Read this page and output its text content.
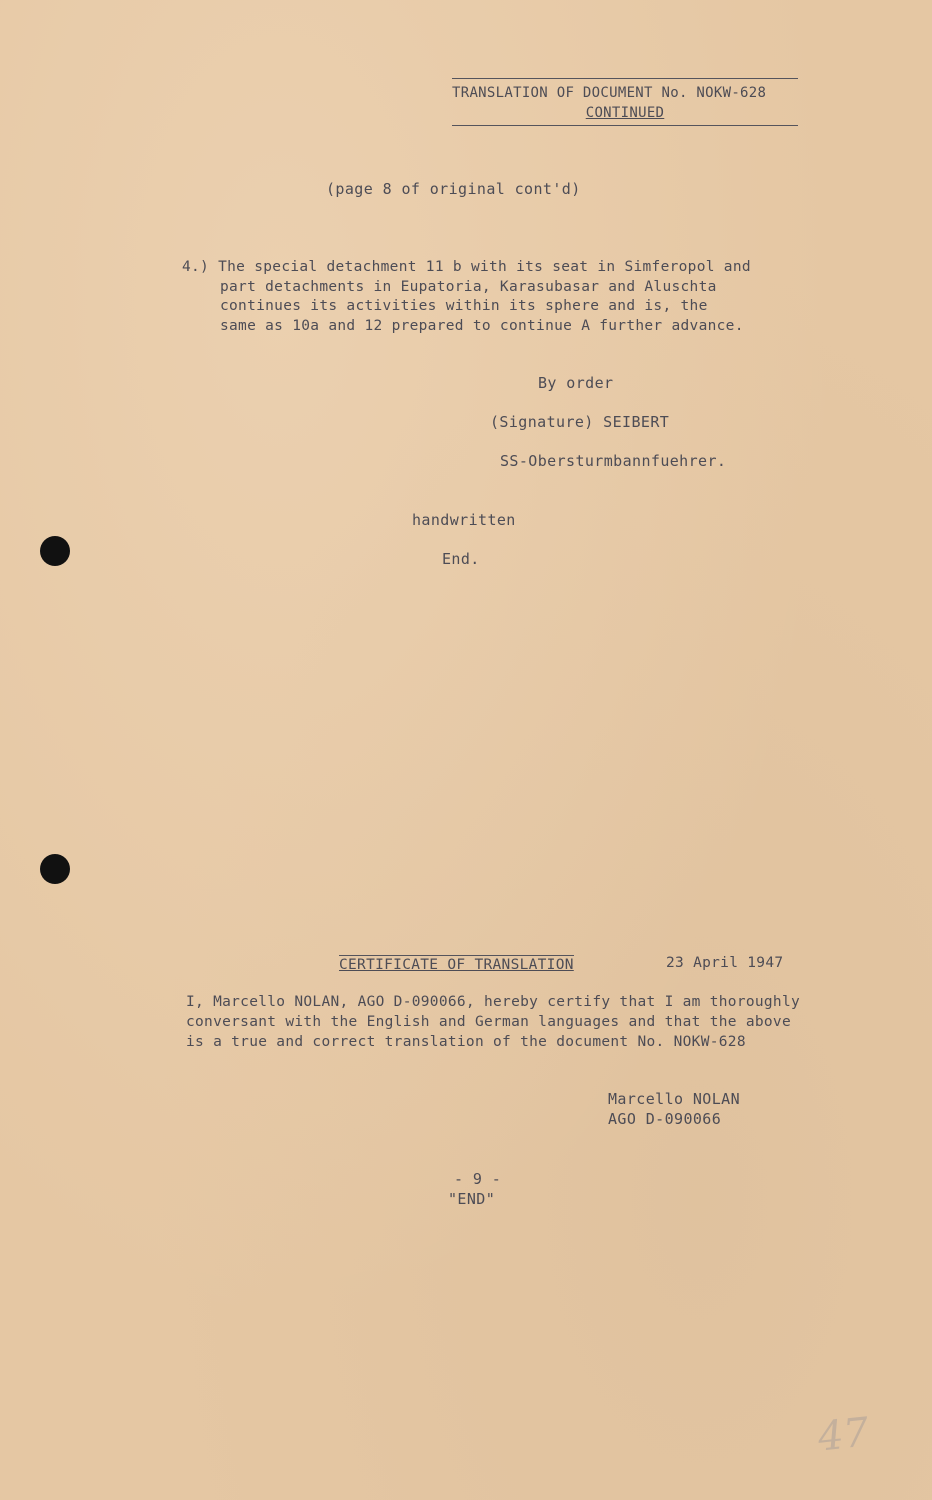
TRANSLATION OF DOCUMENT No. NOKW-628
CONTINUED
(page 8 of original cont'd)
4.) The special detachment 11 b with its seat in Simferopol and
part detachments in Eupatoria, Karasubasar and Aluschta
continues its activities within its sphere and is, the
same as 10a and 12 prepared to continue A further advance.
By order
(Signature) SEIBERT
SS-Obersturmbannfuehrer.
handwritten
End.
CERTIFICATE OF TRANSLATION	23 April 1947
I, Marcello NOLAN, AGO D-090066, hereby certify that I am thoroughly
conversant with the English and German languages and that the above
is a true and correct translation of the document No. NOKW-628
Marcello NOLAN
AGO D-090066
- 9 -
"END"
47
